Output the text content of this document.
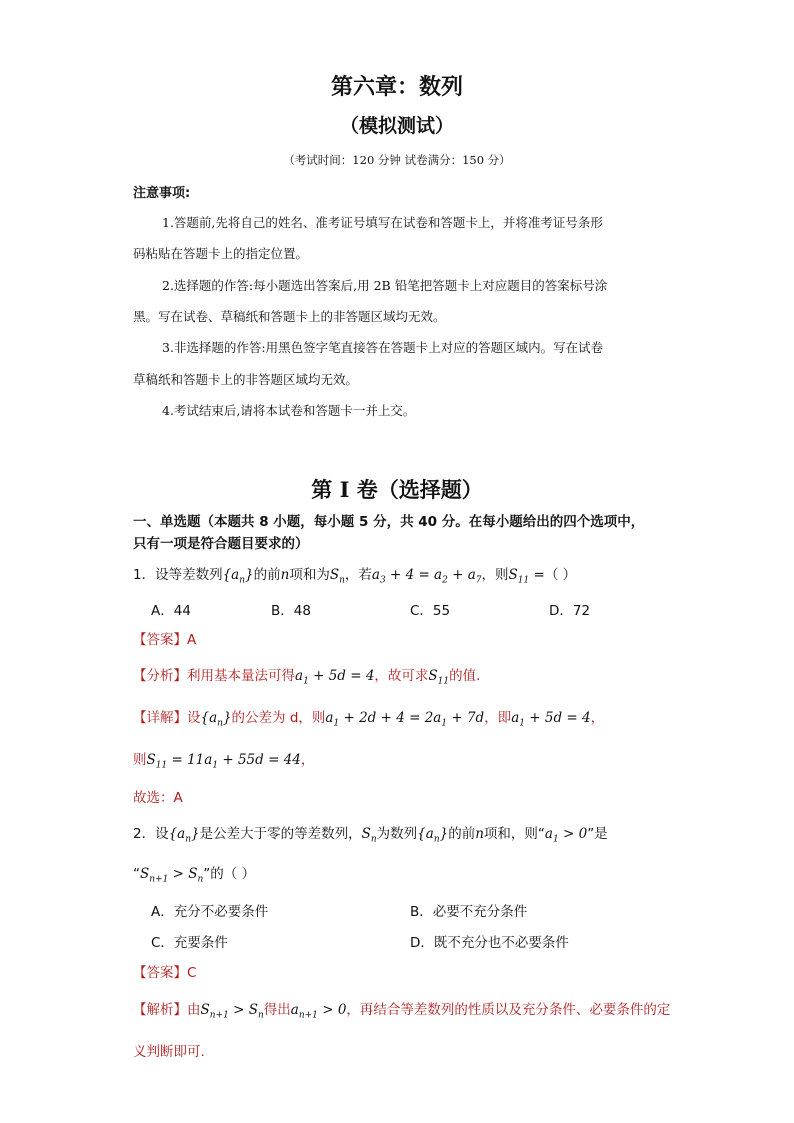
第六章：数列
（模拟测试）
（考试时间：120 分钟 试卷满分：150 分）
注意事项:
1.答题前,先将自己的姓名、准考证号填写在试卷和答题卡上，并将准考证号条形
码粘贴在答题卡上的指定位置。
2.选择题的作答:每小题选出答案后,用 2B 铅笔把答题卡上对应题目的答案标号涂
黑。写在试卷、草稿纸和答题卡上的非答题区域均无效。
3.非选择题的作答:用黑色签字笔直接答在答题卡上对应的答题区域内。写在试卷
草稿纸和答题卡上的非答题区域均无效。
4.考试结束后,请将本试卷和答题卡一并上交。
第 I 卷（选择题）
一、单选题（本题共 8 小题，每小题 5 分，共 40 分。在每小题给出的四个选项中，
只有一项是符合题目要求的）
1．设等差数列$\{a_n\}$的前n项和为$S_n$，若$a_3 + 4 = a_2 + a_7$，则$S_{11}$ =（ ）
A．44	B．48	C．55	D．72
【答案】A
【分析】利用基本量法可得$a_1 + 5d = 4$，故可求$S_{11}$的值.
【详解】设$\{a_n\}$的公差为 d，则$a_1 + 2d + 4 = 2a_1 + 7d$，即$a_1 + 5d = 4$，
则$S_{11} = 11a_1 + 55d = 44$，
故选：A
2．设$\{a_n\}$是公差大于零的等差数列，$S_n$为数列$\{a_n\}$的前n项和，则“$a_1 > 0$”是
“$S_{n+1} > S_n$”的（ ）
A．充分不必要条件	B．必要不充分条件
C．充要条件	D．既不充分也不必要条件
【答案】C
【解析】由$S_{n+1} > S_n$得出$a_{n+1} > 0$，再结合等差数列的性质以及充分条件、必要条件的定
义判断即可.
